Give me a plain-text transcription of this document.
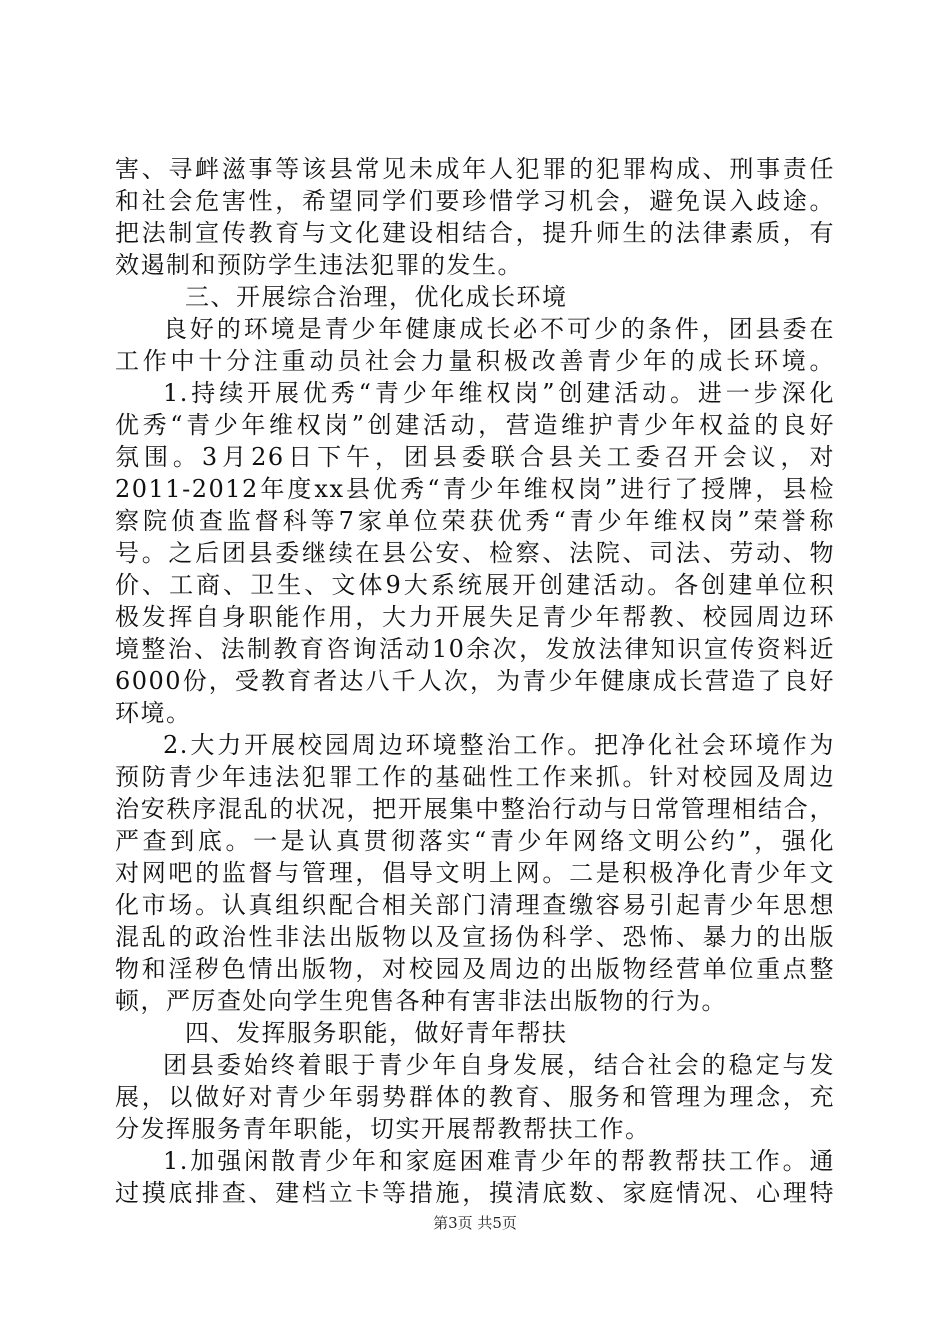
害、寻衅滋事等该县常见未成年人犯罪的犯罪构成、刑事责任
和社会危害性，希望同学们要珍惜学习机会，避免误入歧途。
把法制宣传教育与文化建设相结合，提升师生的法律素质，有
效遏制和预防学生违法犯罪的发生。
三、开展综合治理，优化成长环境
良好的环境是青少年健康成长必不可少的条件，团县委在
工作中十分注重动员社会力量积极改善青少年的成长环境。
1.持续开展优秀“青少年维权岗”创建活动。进一步深化
优秀“青少年维权岗”创建活动，营造维护青少年权益的良好
氛围。3月26日下午，团县委联合县关工委召开会议，对
2011-2012年度xx县优秀“青少年维权岗”进行了授牌，县检
察院侦查监督科等7家单位荣获优秀“青少年维权岗”荣誉称
号。之后团县委继续在县公安、检察、法院、司法、劳动、物
价、工商、卫生、文体9大系统展开创建活动。各创建单位积
极发挥自身职能作用，大力开展失足青少年帮教、校园周边环
境整治、法制教育咨询活动10余次，发放法律知识宣传资料近
6000份，受教育者达八千人次，为青少年健康成长营造了良好
环境。
2.大力开展校园周边环境整治工作。把净化社会环境作为
预防青少年违法犯罪工作的基础性工作来抓。针对校园及周边
治安秩序混乱的状况，把开展集中整治行动与日常管理相结合，
严查到底。一是认真贯彻落实“青少年网络文明公约”，强化
对网吧的监督与管理，倡导文明上网。二是积极净化青少年文
化市场。认真组织配合相关部门清理查缴容易引起青少年思想
混乱的政治性非法出版物以及宣扬伪科学、恐怖、暴力的出版
物和淫秽色情出版物，对校园及周边的出版物经营单位重点整
顿，严厉查处向学生兜售各种有害非法出版物的行为。
四、发挥服务职能，做好青年帮扶
团县委始终着眼于青少年自身发展，结合社会的稳定与发
展，以做好对青少年弱势群体的教育、服务和管理为理念，充
分发挥服务青年职能，切实开展帮教帮扶工作。
1.加强闲散青少年和家庭困难青少年的帮教帮扶工作。通
过摸底排查、建档立卡等措施，摸清底数、家庭情况、心理特
第3页 共5页
